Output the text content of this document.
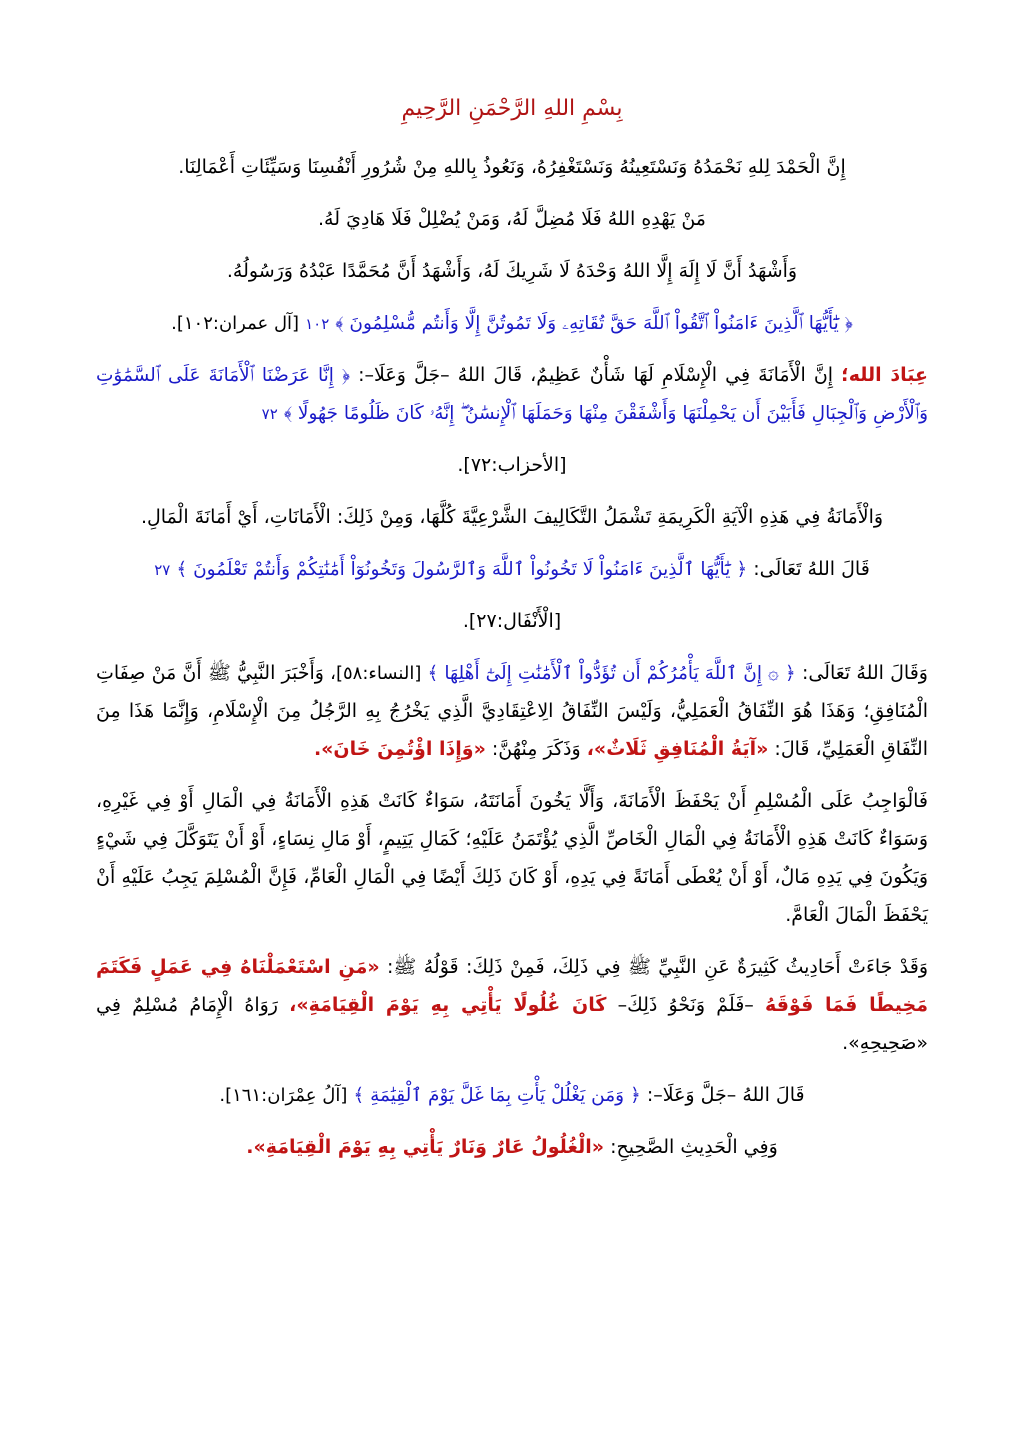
بِسْمِ اللهِ الرَّحْمَنِ الرَّحِيمِ

إِنَّ الْحَمْدَ لِلهِ نَحْمَدُهُ وَنَسْتَعِينُهُ وَنَسْتَغْفِرُهُ، وَنَعُوذُ بِاللهِ مِنْ شُرُورِ أَنْفُسِنَا وَسَيِّئَاتِ أَعْمَالِنَا.

مَنْ يَهْدِهِ اللهُ فَلَا مُضِلَّ لَهُ، وَمَنْ يُضْلِلْ فَلَا هَادِيَ لَهُ.

وَأَشْهَدُ أَنَّ لَا إِلَهَ إِلَّا اللهُ وَحْدَهُ لَا شَرِيكَ لَهُ، وَأَشْهَدُ أَنَّ مُحَمَّدًا عَبْدُهُ وَرَسُولُهُ.

﴿ يَٰٓأَيُّهَا ٱلَّذِينَ ءَامَنُواْ ٱتَّقُواْ ٱللَّهَ حَقَّ تُقَاتِهِۦ وَلَا تَمُوتُنَّ إِلَّا وَأَنتُم مُّسْلِمُونَ ﴾ ١٠٢ [آل عمران:١٠٢].

عِبَادَ الله؛ إِنَّ الْأَمَانَةَ فِي الْإِسْلَامِ لَهَا شَأْنٌ عَظِيمٌ، قَالَ اللهُ –جَلَّ وَعَلَا–: ﴿ إِنَّا عَرَضْنَا ٱلْأَمَانَةَ عَلَى ٱلسَّمَٰوَٰتِ وَٱلْأَرْضِ وَٱلْجِبَالِ فَأَبَيْنَ أَن يَحْمِلْنَهَا وَأَشْفَقْنَ مِنْهَا وَحَمَلَهَا ٱلْإِنسَٰنُ ۖ إِنَّهُۥ كَانَ ظَلُومًا جَهُولًا ﴾ ٧٢

[الأحزاب:٧٢].

وَالْأَمَانَةُ فِي هَذِهِ الْآيَةِ الْكَرِيمَةِ تَشْمَلُ التَّكَالِيفَ الشَّرْعِيَّةَ كُلَّهَا، وَمِنْ ذَلِكَ: الْأَمَانَاتِ، أَيْ أَمَانَةَ الْمَالِ.

قَالَ اللهُ تَعَالَى: ﴿ يَٰٓأَيُّهَا ٱلَّذِينَ ءَامَنُواْ لَا تَخُونُواْ ٱللَّهَ وَٱلرَّسُولَ وَتَخُونُوٓاْ أَمَٰنَٰتِكُمْ وَأَنتُمْ تَعْلَمُونَ ﴾ ٢٧

[الْأَنْفَال:٢٧].

وَقَالَ اللهُ تَعَالَى: ﴿ ۞ إِنَّ ٱللَّهَ يَأْمُرُكُمْ أَن تُؤَدُّواْ ٱلْأَمَٰنَٰتِ إِلَىٰٓ أَهْلِهَا ﴾ [النساء:٥٨]، وَأَخْبَرَ النَّبِيُّ ﷺ أَنَّ مَنْ صِفَاتِ الْمُنَافِقِ؛ وَهَذَا هُوَ النِّفَاقُ الْعَمَلِيُّ، وَلَيْسَ النِّفَاقُ الِاعْتِقَادِيَّ الَّذِي يَخْرُجُ بِهِ الرَّجُلُ مِنَ الْإِسْلَامِ، وَإِنَّمَا هَذَا مِنَ النِّفَاقِ الْعَمَلِيِّ، قَالَ: «آيَةُ الْمُنَافِقِ ثَلَاثٌ»، وَذَكَرَ مِنْهُنَّ: «وَإِذَا اؤْتُمِنَ خَانَ».

فَالْوَاجِبُ عَلَى الْمُسْلِمِ أَنْ يَحْفَظَ الْأَمَانَةَ، وَأَلَّا يَخُونَ أَمَانَتَهُ، سَوَاءٌ كَانَتْ هَذِهِ الْأَمَانَةُ فِي الْمَالِ أَوْ فِي غَيْرِهِ، وَسَوَاءٌ كَانَتْ هَذِهِ الْأَمَانَةُ فِي الْمَالِ الْخَاصِّ الَّذِي يُؤْتَمَنُ عَلَيْهِ؛ كَمَالِ يَتِيمٍ، أَوْ مَالِ نِسَاءٍ، أَوْ أَنْ يَتَوَكَّلَ فِي شَيْءٍ وَيَكُونَ فِي يَدِهِ مَالٌ، أَوْ أَنْ يُعْطَى أَمَانَةً فِي يَدِهِ، أَوْ كَانَ ذَلِكَ أَيْضًا فِي الْمَالِ الْعَامِّ، فَإِنَّ الْمُسْلِمَ يَجِبُ عَلَيْهِ أَنْ يَحْفَظَ الْمَالَ الْعَامَّ.

وَقَدْ جَاءَتْ أَحَادِيثُ كَثِيرَةٌ عَنِ النَّبِيِّ ﷺ فِي ذَلِكَ، فَمِنْ ذَلِكَ: قَوْلُهُ ﷺ: «مَنِ اسْتَعْمَلْنَاهُ فِي عَمَلٍ فَكَتَمَ مَخِيطًا فَمَا فَوْقَهُ –فَلَمْ وَنَحْوُ ذَلِكَ– كَانَ غُلُولًا يَأْتِي بِهِ يَوْمَ الْقِيَامَةِ»، رَوَاهُ الْإِمَامُ مُسْلِمٌ فِي «صَحِيحِهِ».

قَالَ اللهُ –جَلَّ وَعَلَا–: ﴿ وَمَن يَغْلُلْ يَأْتِ بِمَا غَلَّ يَوْمَ ٱلْقِيَٰمَةِ ﴾ [آلُ عِمْرَان:١٦١].

وَفِي الْحَدِيثِ الصَّحِيحِ: «الْغُلُولُ عَارٌ وَنَارٌ يَأْتِي بِهِ يَوْمَ الْقِيَامَةِ».
